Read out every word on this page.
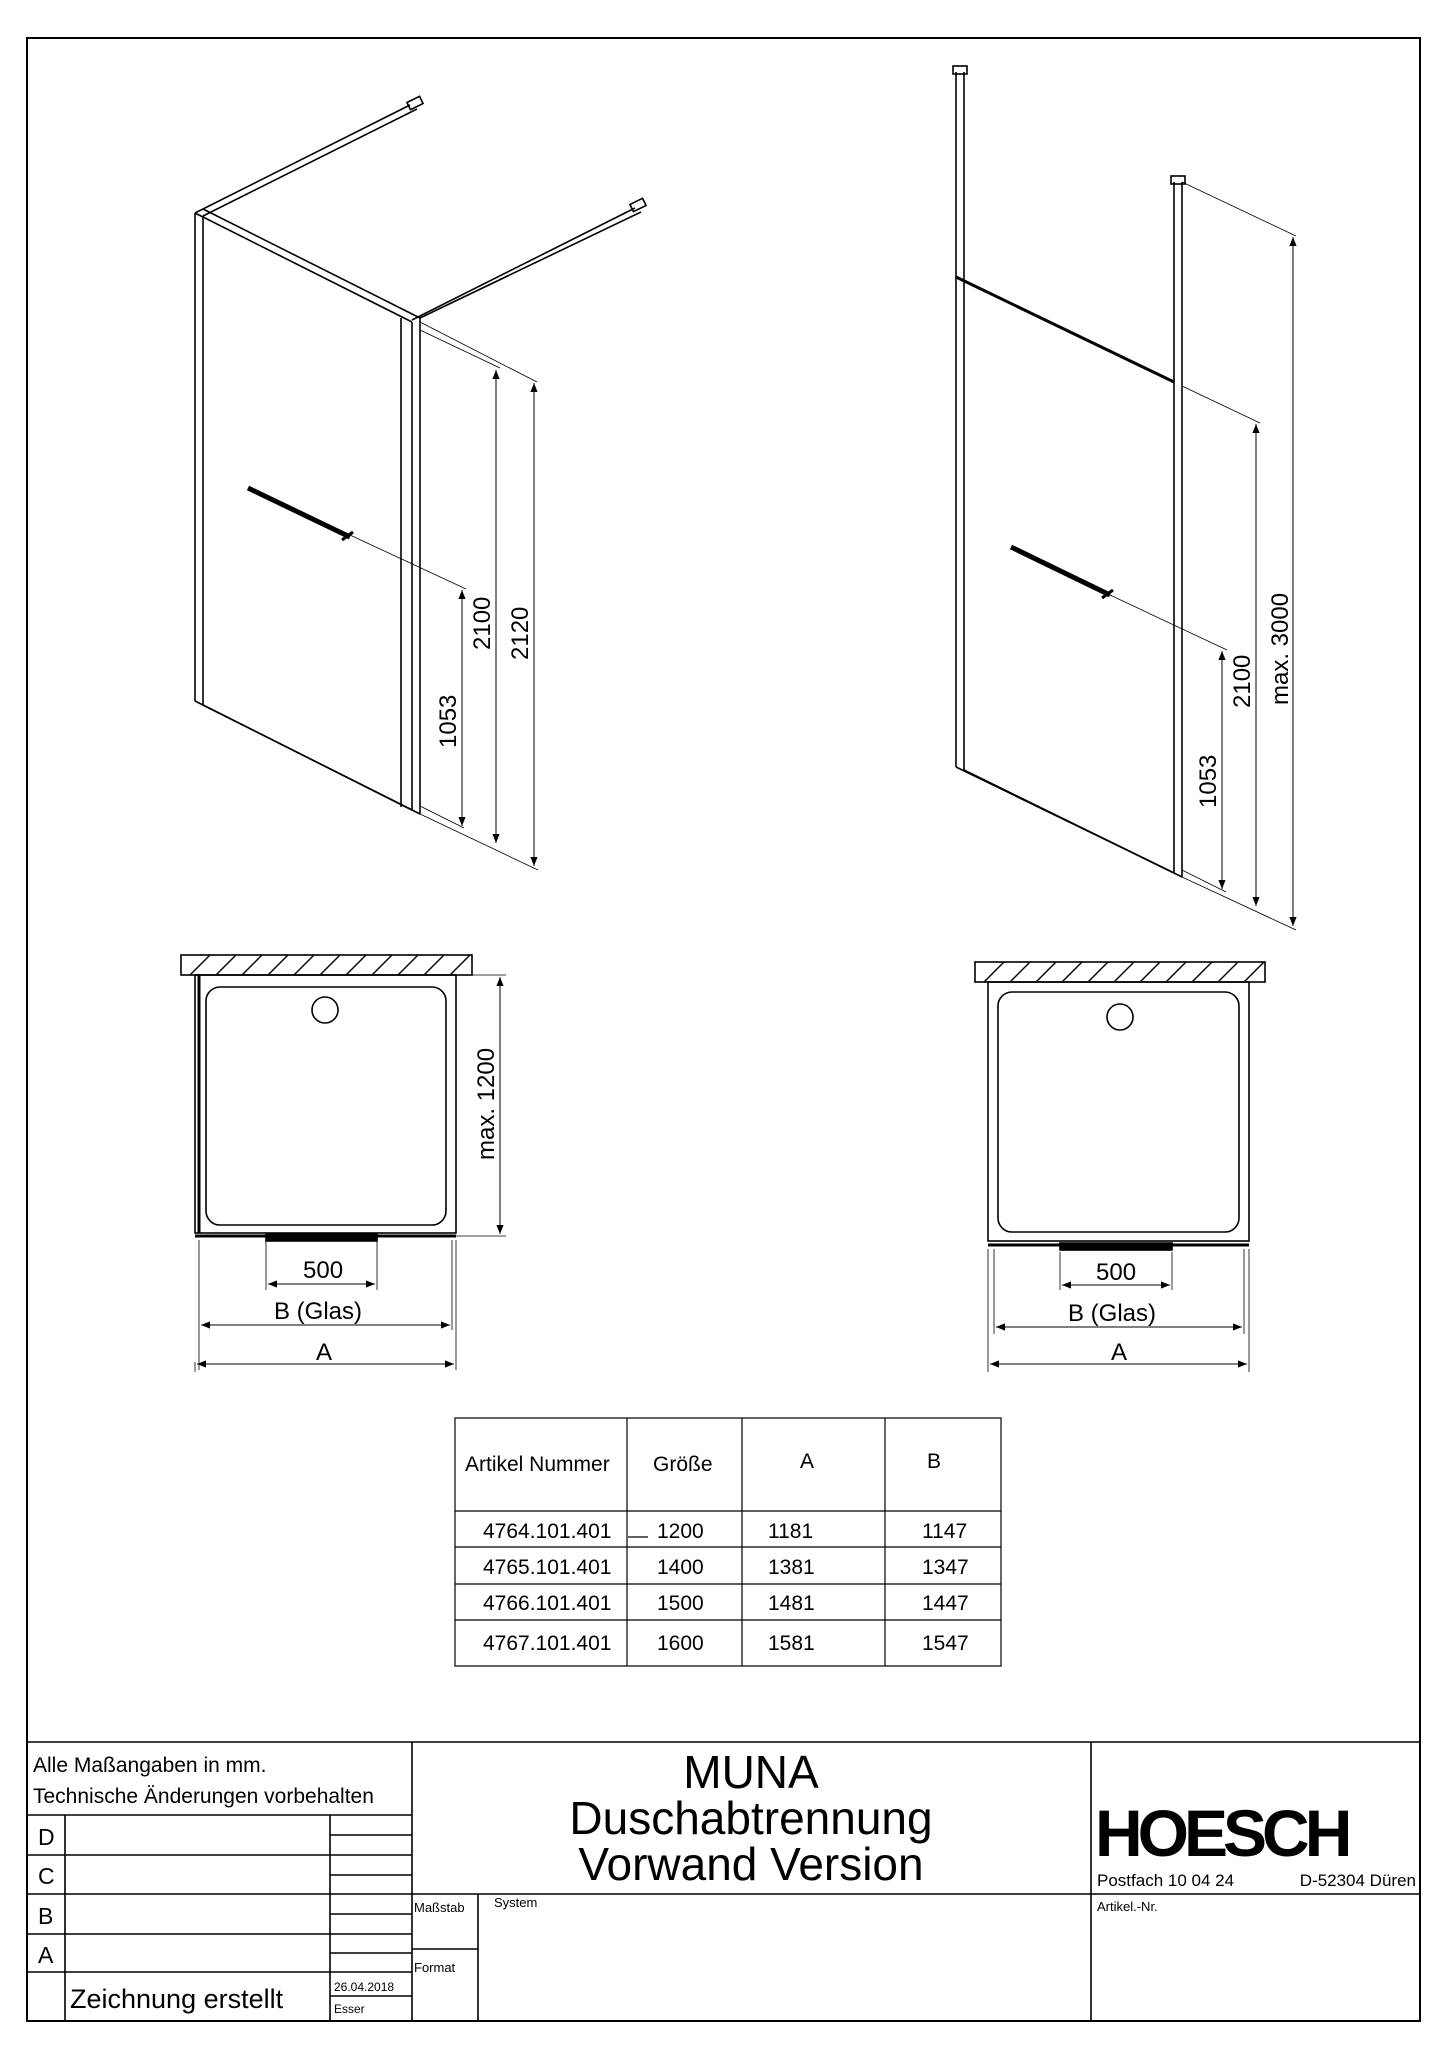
1053
2100 2120
1053
2100 max. 3000
max. 1200
500
B (Glas)
A
500
B (Glas)
A
Artikel Nummer Größe	A	B
4764.101.401 1200	1181	1147
4765.101.401 1400	1381	1347
4766.101.401 1500	1481	1447
4767.101.401 1600	1581	1547
Alle Maßangaben in mm.
Technische Änderungen vorbehalten
D
C
B
A
Zeichnung erstellt	26.04.2018
Esser
MUNA
Duschabtrennung
Vorwand Version
Maßstab
Format
System
HOESCH
Postfach 10 04 24	D-52304 Düren
Artikel.-Nr.
